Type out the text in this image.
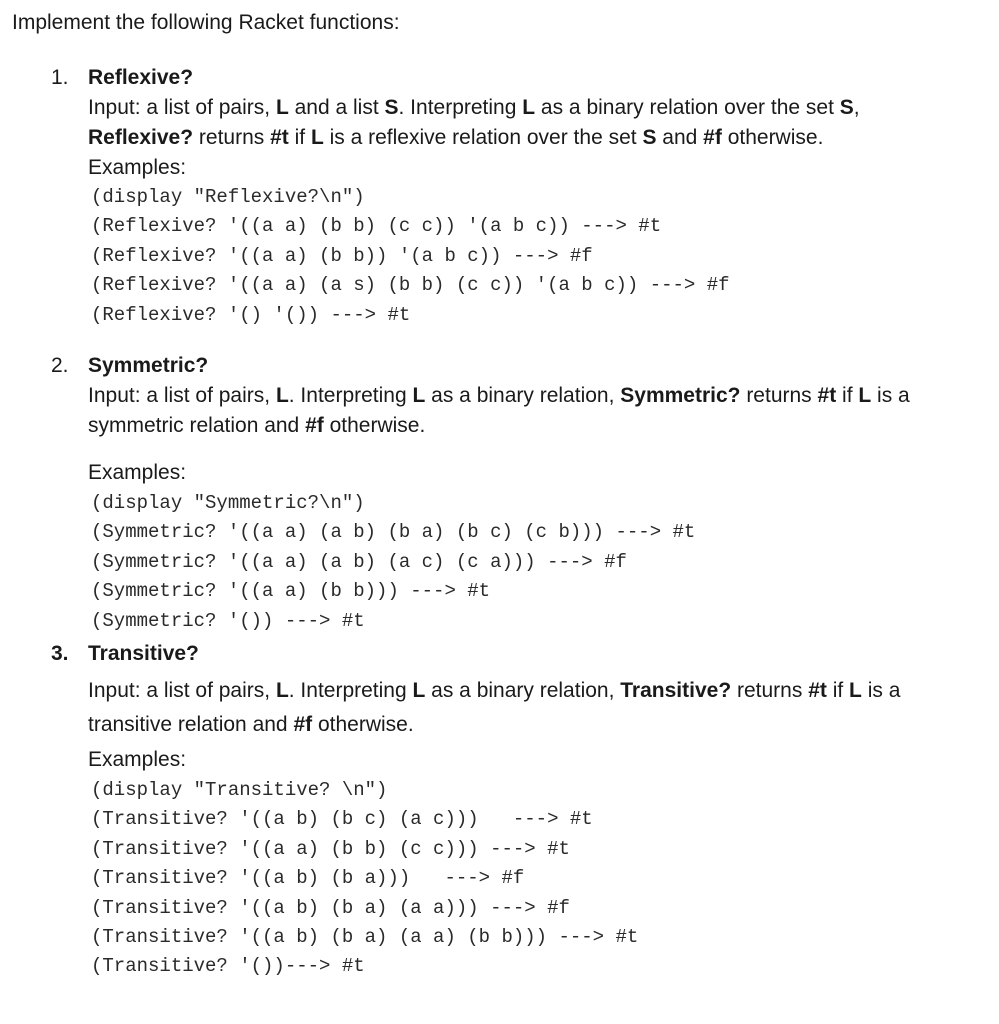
Implement the following Racket functions:
1. Reflexive?
Input: a list of pairs, L and a list S. Interpreting L as a binary relation over the set S,
Reflexive? returns #t if L is a reflexive relation over the set S and #f otherwise.
Examples:
(display "Reflexive?\n")
(Reflexive? '((a a) (b b) (c c)) '(a b c)) ---> #t
(Reflexive? '((a a) (b b)) '(a b c)) ---> #f
(Reflexive? '((a a) (a s) (b b) (c c)) '(a b c)) ---> #f
(Reflexive? '() '()) ---> #t
2. Symmetric?
Input: a list of pairs, L. Interpreting L as a binary relation, Symmetric? returns #t if L is a
symmetric relation and #f otherwise.
Examples:
(display "Symmetric?\n")
(Symmetric? '((a a) (a b) (b a) (b c) (c b))) ---> #t
(Symmetric? '((a a) (a b) (a c) (c a))) ---> #f
(Symmetric? '((a a) (b b))) ---> #t
(Symmetric? '()) ---> #t
3. Transitive?
Input: a list of pairs, L. Interpreting L as a binary relation, Transitive? returns #t if L is a
transitive relation and #f otherwise.
Examples:
(display "Transitive? \n")
(Transitive? '((a b) (b c) (a c)))   ---> #t
(Transitive? '((a a) (b b) (c c))) ---> #t
(Transitive? '((a b) (b a)))   ---> #f
(Transitive? '((a b) (b a) (a a))) ---> #f
(Transitive? '((a b) (b a) (a a) (b b))) ---> #t
(Transitive? '())---> #t
